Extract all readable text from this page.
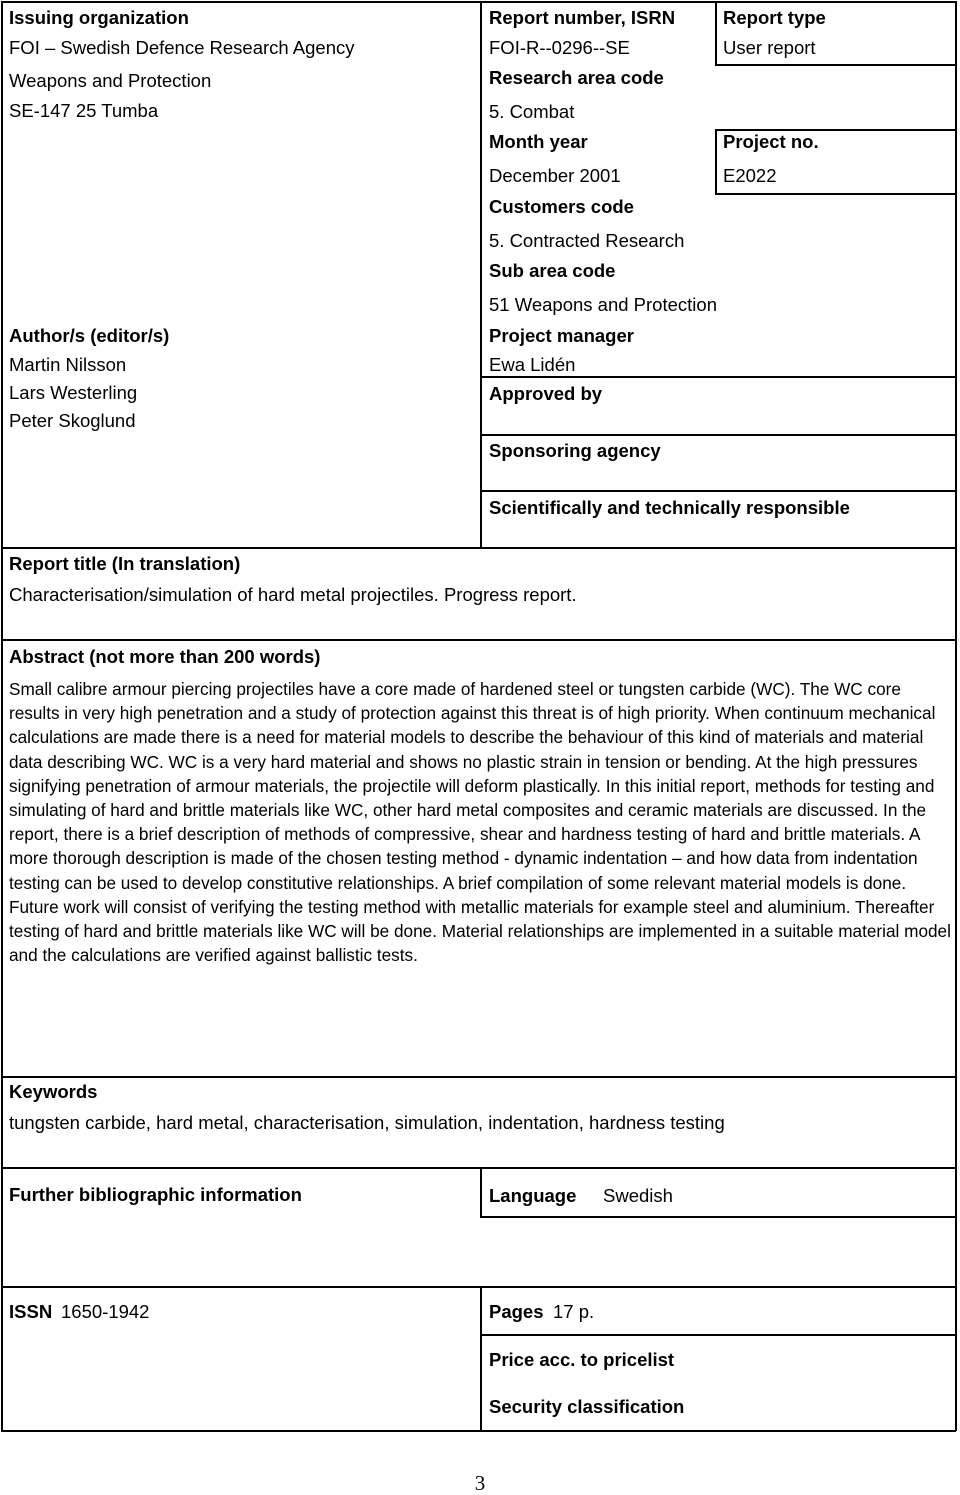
Issuing organization
FOI – Swedish Defence Research Agency
Weapons and Protection
SE-147 25 Tumba
Report number, ISRN
FOI-R--0296--SE
Report type
User report
Research area code
5. Combat
Month year
December 2001
Project no.
E2022
Customers code
5. Contracted Research
Sub area code
51 Weapons and Protection
Author/s (editor/s)
Martin Nilsson
Lars Westerling
Peter Skoglund
Project manager
Ewa Lidén
Approved by
Sponsoring agency
Scientifically and technically responsible
Report title (In translation)
Characterisation/simulation of hard metal projectiles. Progress report.
Abstract (not more than 200 words)

Small calibre armour piercing projectiles have a core made of hardened steel or tungsten carbide (WC). The WC core results in very high penetration and a study of protection against this threat is of high priority. When continuum mechanical calculations are made there is a need for material models to describe the behaviour of this kind of materials and material data describing WC. WC is a very hard material and shows no plastic strain in tension or bending. At the high pressures signifying penetration of armour materials, the projectile will deform plastically. In this initial report, methods for testing and simulating of hard and brittle materials like WC, other hard metal composites and ceramic materials are discussed. In the report, there is a brief description of methods of compressive, shear and hardness testing of hard and brittle materials. A more thorough description is made of the chosen testing method - dynamic indentation – and how data from indentation testing can be used to develop constitutive relationships. A brief compilation of some relevant material models is done. Future work will consist of verifying the testing method with metallic materials for example steel and aluminium. Thereafter testing of hard and brittle materials like WC will be done. Material relationships are implemented in a suitable material model and the calculations are verified against ballistic tests.

Keywords
tungsten carbide, hard metal, characterisation, simulation, indentation, hardness testing
Further bibliographic information	Language Swedish
ISSN 1650-1942	Pages 17 p.
Price acc. to pricelist
Security classification
3
